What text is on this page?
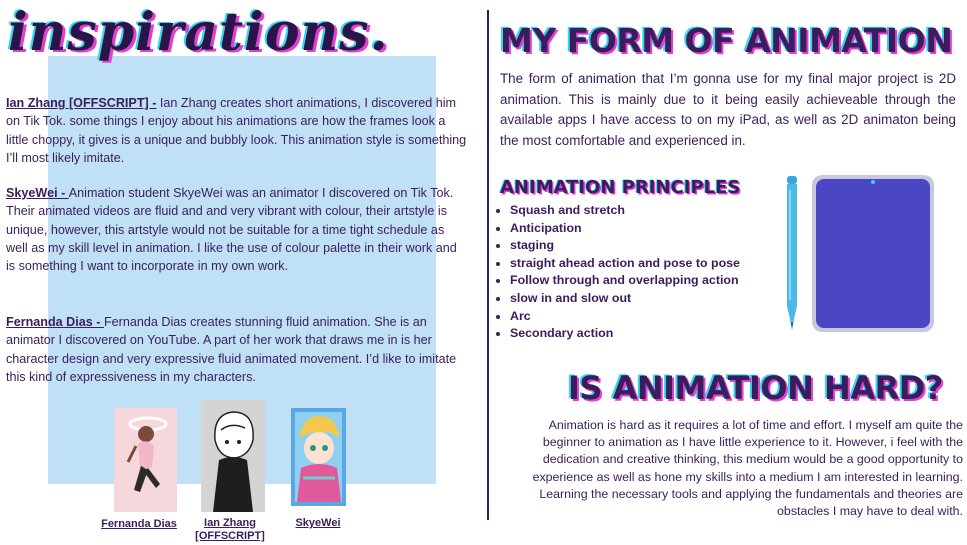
inspirations.
Ian Zhang [OFFSCRIPT] - Ian Zhang creates short animations, I discovered him on Tik Tok. some things I enjoy about his animations are how the frames look a little choppy, it gives is a unique and bubbly look. This animation style is something I’ll most likely imitate.
SkyeWei - Animation student SkyeWei was an animator I discovered on Tik Tok. Their animated videos are fluid and and very vibrant with colour, their artstyle is unique, however, this artstyle would not be suitable for a time tight schedule as well as my skill level in animation. I like the use of colour palette in their work and is something I want to incorporate in my own work.
Fernanda Dias - Fernanda Dias creates stunning fluid animation. She is an animator I discovered on YouTube. A part of her work that draws me in is her character design and very expressive fluid animated movement. I’d like to imitate this kind of expressiveness in my characters.
Fernanda Dias	Ian Zhang
[OFFSCRIPT]
SkyeWei
MY FORM OF ANIMATION

The form of animation that I’m gonna use for my final major project is 2D animation. This is mainly due to it being easily achieveable through the available apps I have access to on my iPad, as well as 2D animaton being the most comfortable and experienced in.

ANIMATION PRINCIPLES
• Squash and stretch
• Anticipation
• staging
• straight ahead action and pose to pose
• Follow through and overlapping action
• slow in and slow out
• Arc
• Secondary action
IS ANIMATION HARD?

Animation is hard as it requires a lot of time and effort. I myself am quite the beginner to animation as I have little experience to it. However, i feel with the dedication and creative thinking, this medium would be a good opportunity to experience as well as hone my skills into a medium I am interested in learning. Learning the necessary tools and applying the fundamentals and theories are obstacles I may have to deal with.
